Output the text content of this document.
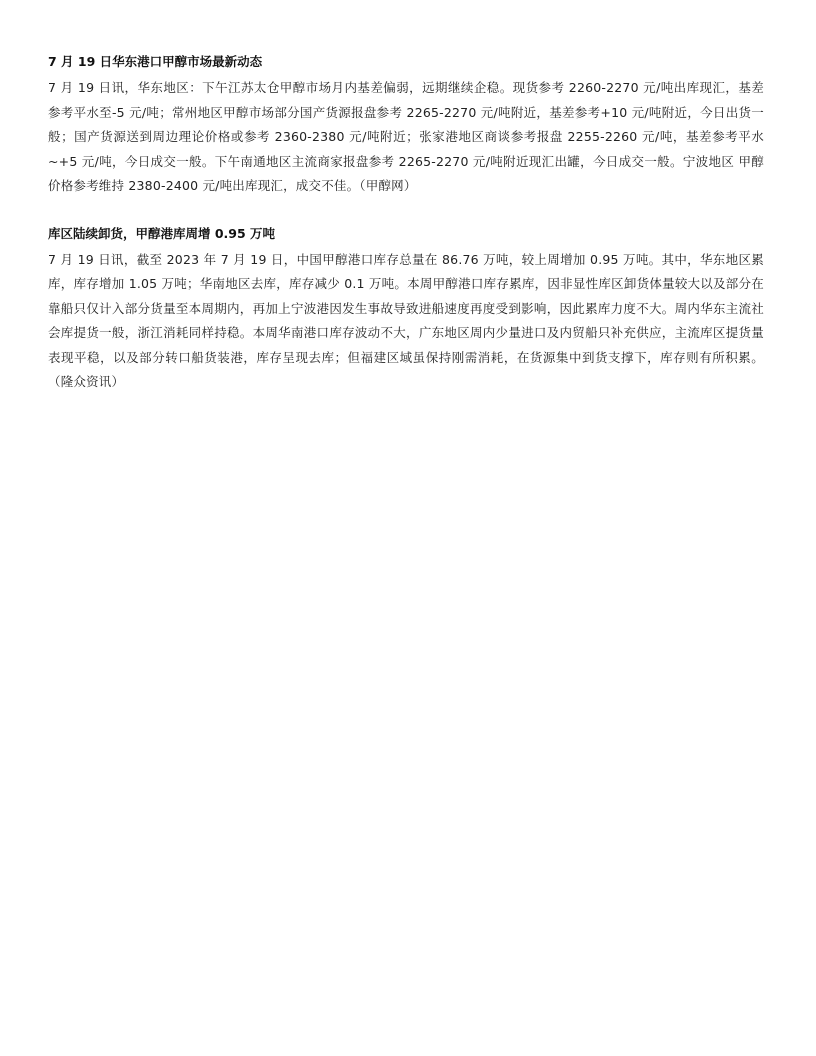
7 月 19 日华东港口甲醇市场最新动态

7 月 19 日讯，华东地区：下午江苏太仓甲醇市场月内基差偏弱，远期继续企稳。现货参考 2260-2270 元/吨出库现汇，基差参考平水至-5 元/吨；常州地区甲醇市场部分国产货源报盘参考 2265-2270 元/吨附近，基差参考+10 元/吨附近，今日出货一般；国产货源送到周边理论价格或参考 2360-2380 元/吨附近；张家港地区商谈参考报盘 2255-2260 元/吨，基差参考平水~+5 元/吨，今日成交一般。下午南通地区主流商家报盘参考 2265-2270 元/吨附近现汇出罐，今日成交一般。宁波地区 甲醇价格参考维持 2380-2400 元/吨出库现汇，成交不佳。（甲醇网）

库区陆续卸货，甲醇港库周增 0.95 万吨

7 月 19 日讯，截至 2023 年 7 月 19 日，中国甲醇港口库存总量在 86.76 万吨，较上周增加 0.95 万吨。其中，华东地区累库，库存增加 1.05 万吨；华南地区去库，库存减少 0.1 万吨。本周甲醇港口库存累库，因非显性库区卸货体量较大以及部分在靠船只仅计入部分货量至本周期内，再加上宁波港因发生事故导致进船速度再度受到影响，因此累库力度不大。周内华东主流社会库提货一般，浙江消耗同样持稳。本周华南港口库存波动不大，广东地区周内少量进口及内贸船只补充供应，主流库区提货量表现平稳，以及部分转口船货装港，库存呈现去库；但福建区域虽保持刚需消耗，在货源集中到货支撑下，库存则有所积累。（隆众资讯）
